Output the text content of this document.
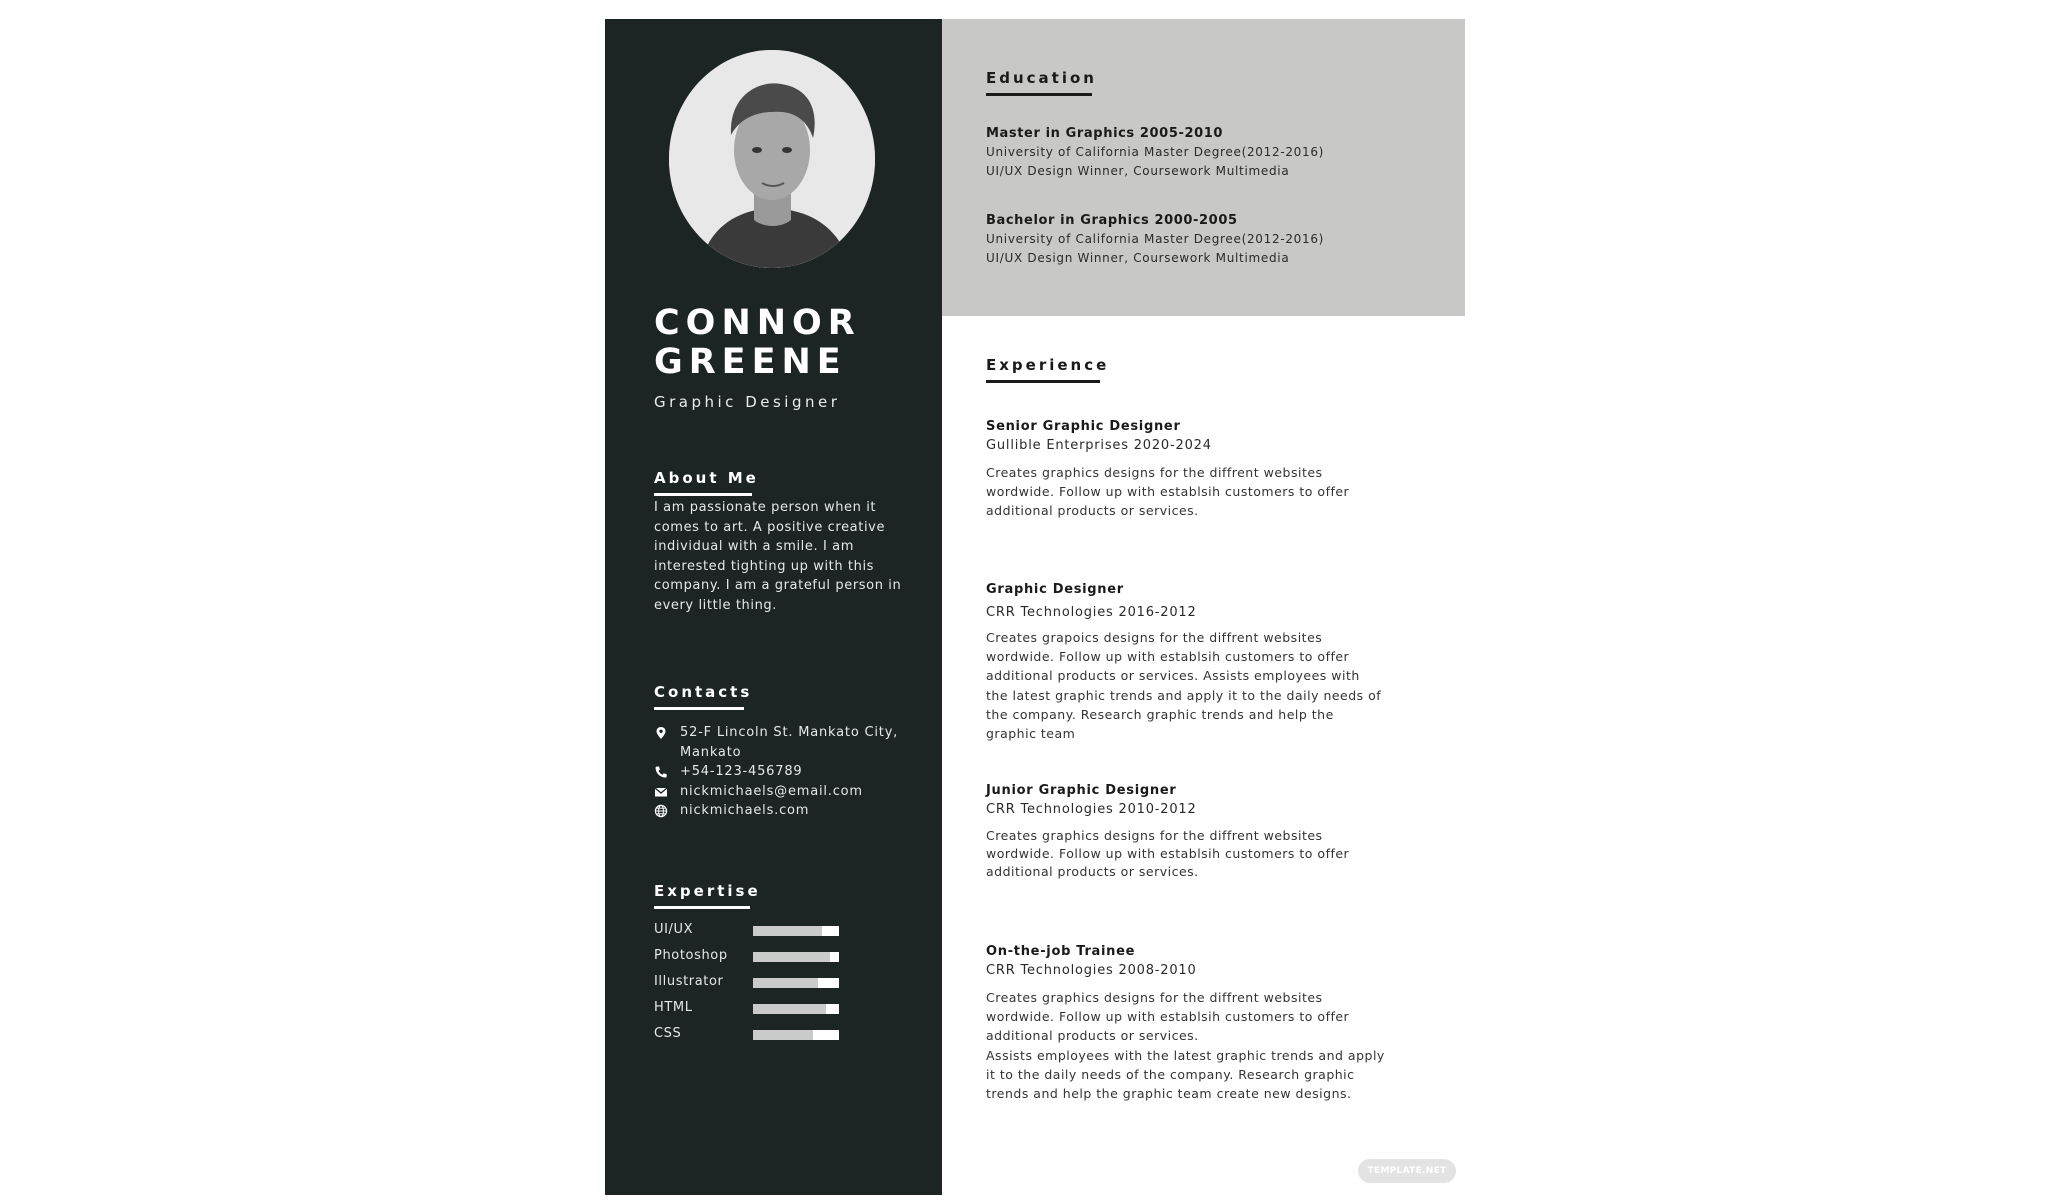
CONNOR
GREENE
Graphic Designer
About Me
I am passionate person when it comes to art. A positive creative individual with a smile. I am interested tighting up with this company. I am a grateful person in every little thing.
Contacts
52-F Lincoln St. Mankato City, Mankato
+54-123-456789
nickmichaels@email.com
nickmichaels.com
Expertise
UI/UX
Photoshop
Illustrator
HTML
CSS
Education
Master in Graphics 2005-2010
University of California Master Degree(2012-2016)
UI/UX Design Winner, Coursework Multimedia
Bachelor in Graphics 2000-2005
University of California Master Degree(2012-2016)
UI/UX Design Winner, Coursework Multimedia
Experience
Senior Graphic Designer
Gullible Enterprises 2020-2024
Creates graphics designs for the diffrent websites wordwide. Follow up with establsih customers to offer additional products or services.
Graphic Designer
CRR Technologies 2016-2012
Creates grapoics designs for the diffrent websites wordwide. Follow up with establsih customers to offer additional products or services. Assists employees with the latest graphic trends and apply it to the daily needs of the company. Research graphic trends and help the graphic team
Junior Graphic Designer
CRR Technologies 2010-2012
Creates graphics designs for the diffrent websites wordwide. Follow up with establsih customers to offer additional products or services.
On-the-job Trainee
CRR Technologies 2008-2010
Creates graphics designs for the diffrent websites wordwide. Follow up with establsih customers to offer additional products or services.
Assists employees with the latest graphic trends and apply it to the daily needs of the company. Research graphic trends and help the graphic team create new designs.
TEMPLATE.NET
